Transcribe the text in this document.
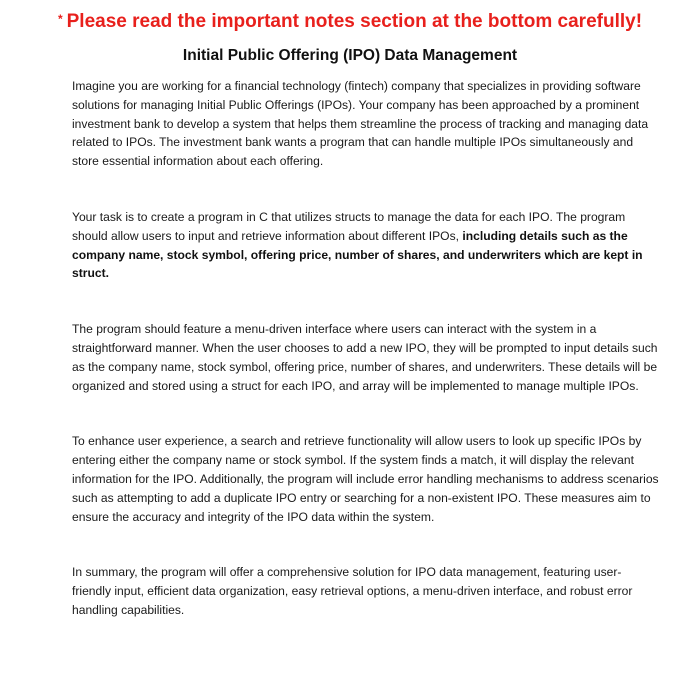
* Please read the important notes section at the bottom carefully!
Initial Public Offering (IPO) Data Management

Imagine you are working for a financial technology (fintech) company that specializes in providing software solutions for managing Initial Public Offerings (IPOs). Your company has been approached by a prominent investment bank to develop a system that helps them streamline the process of tracking and managing data related to IPOs. The investment bank wants a program that can handle multiple IPOs simultaneously and store essential information about each offering.

Your task is to create a program in C that utilizes structs to manage the data for each IPO. The program should allow users to input and retrieve information about different IPOs, including details such as the company name, stock symbol, offering price, number of shares, and underwriters which are kept in struct.

The program should feature a menu-driven interface where users can interact with the system in a straightforward manner. When the user chooses to add a new IPO, they will be prompted to input details such as the company name, stock symbol, offering price, number of shares, and underwriters. These details will be organized and stored using a struct for each IPO, and array will be implemented to manage multiple IPOs.

To enhance user experience, a search and retrieve functionality will allow users to look up specific IPOs by entering either the company name or stock symbol. If the system finds a match, it will display the relevant information for the IPO. Additionally, the program will include error handling mechanisms to address scenarios such as attempting to add a duplicate IPO entry or searching for a non-existent IPO. These measures aim to ensure the accuracy and integrity of the IPO data within the system.

In summary, the program will offer a comprehensive solution for IPO data management, featuring user-friendly input, efficient data organization, easy retrieval options, a menu-driven interface, and robust error handling capabilities.
